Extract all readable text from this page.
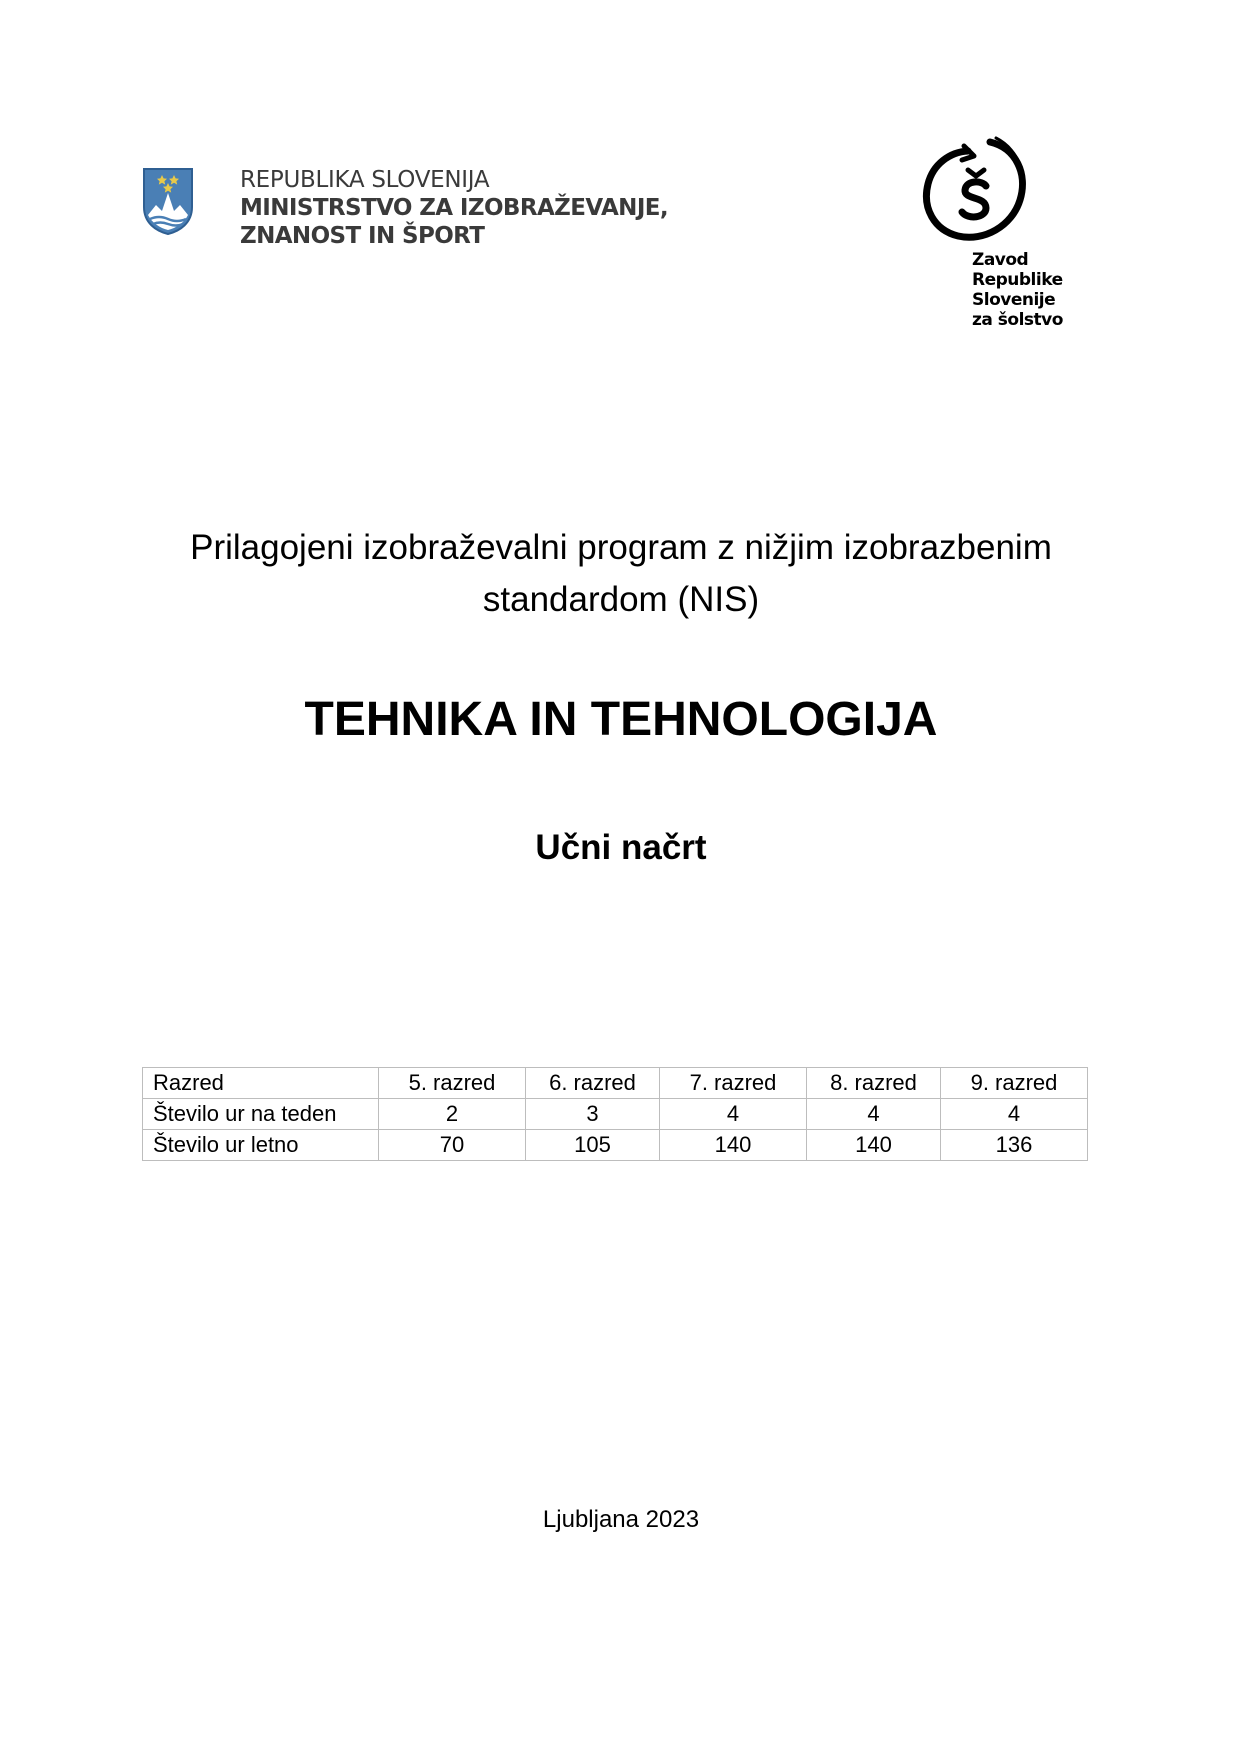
REPUBLIKA SLOVENIJA
MINISTRSTVO ZA IZOBRAŽEVANJE,
ZNANOST IN ŠPORT
Zavod
Republike
Slovenije
za šolstvo
Prilagojeni izobraževalni program z nižjim izobrazbenim standardom (NIS)
TEHNIKA IN TEHNOLOGIJA
Učni načrt
Razred	5. razred	6. razred	7. razred	8. razred	9. razred
Število ur na teden	2	3	4	4	4
Število ur letno	70	105	140	140	136
Ljubljana 2023
